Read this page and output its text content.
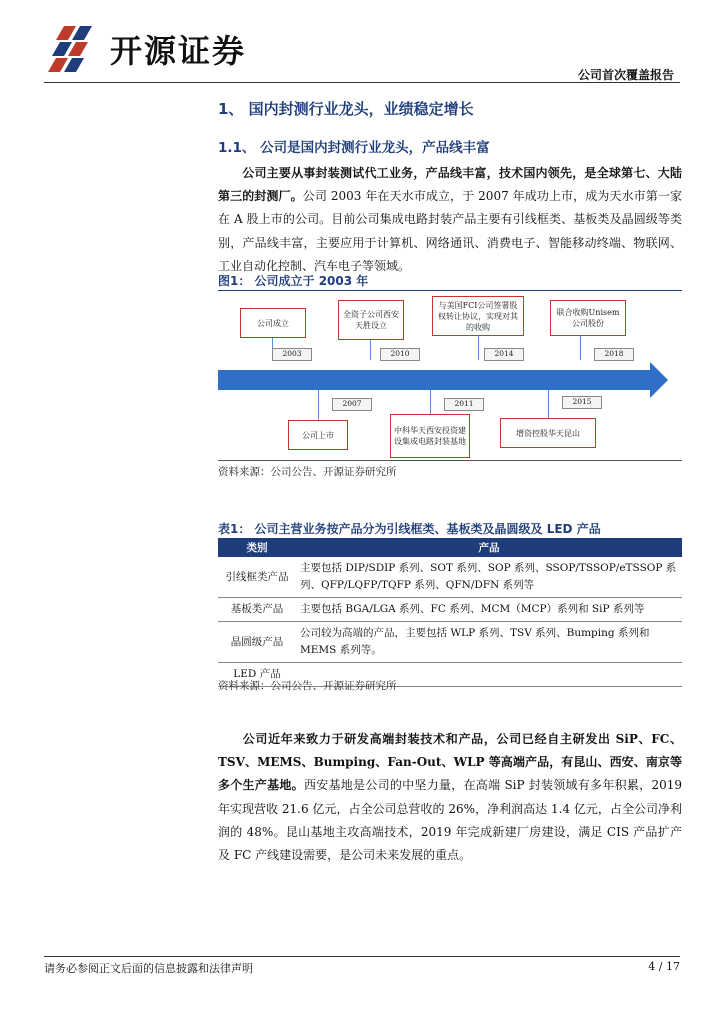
开源证券
公司首次覆盖报告
1、 国内封测行业龙头，业绩稳定增长
1.1、 公司是国内封测行业龙头，产品线丰富
公司主要从事封装测试代工业务，产品线丰富，技术国内领先，是全球第七、大陆第三的封测厂。公司 2003 年在天水市成立，于 2007 年成功上市，成为天水市第一家在 A 股上市的公司。目前公司集成电路封装产品主要有引线框类、基板类及晶圆级等类别，产品线丰富，主要应用于计算机、网络通讯、消费电子、智能移动终端、物联网、工业自动化控制、汽车电子等领域。
图1： 公司成立于 2003 年
公司成立
2003
全资子公司西安天胜设立
2010
与美国FCI公司签署股权转让协议，实现对其的收购
2014
联合收购Unisem公司股份
2018
2007
公司上市
2011
中科华天西安投资建设集成电路封装基地
2015
增资控股华天昆山
资料来源：公司公告、开源证券研究所
表1： 公司主营业务按产品分为引线框类、基板类及晶圆级及 LED 产品
类别	产品
引线框类产品	主要包括 DIP/SDIP 系列、SOT 系列、SOP 系列、SSOP/TSSOP/eTSSOP 系列、QFP/LQFP/TQFP 系列、QFN/DFN 系列等
基板类产品	主要包括 BGA/LGA 系列、FC 系列、MCM（MCP）系列和 SiP 系列等
晶圆级产品	公司较为高端的产品，主要包括 WLP 系列、TSV 系列、Bumping 系列和 MEMS 系列等。
LED 产品	
资料来源：公司公告、开源证券研究所
公司近年来致力于研发高端封装技术和产品，公司已经自主研发出 SiP、FC、TSV、MEMS、Bumping、Fan-Out、WLP 等高端产品，有昆山、西安、南京等多个生产基地。西安基地是公司的中坚力量，在高端 SiP 封装领域有多年积累，2019 年实现营收 21.6 亿元，占全公司总营收的 26%，净利润高达 1.4 亿元，占全公司净利润的 48%。昆山基地主攻高端技术，2019 年完成新建厂房建设，满足 CIS 产品扩产及 FC 产线建设需要，是公司未来发展的重点。
请务必参阅正文后面的信息披露和法律声明	4 / 17
